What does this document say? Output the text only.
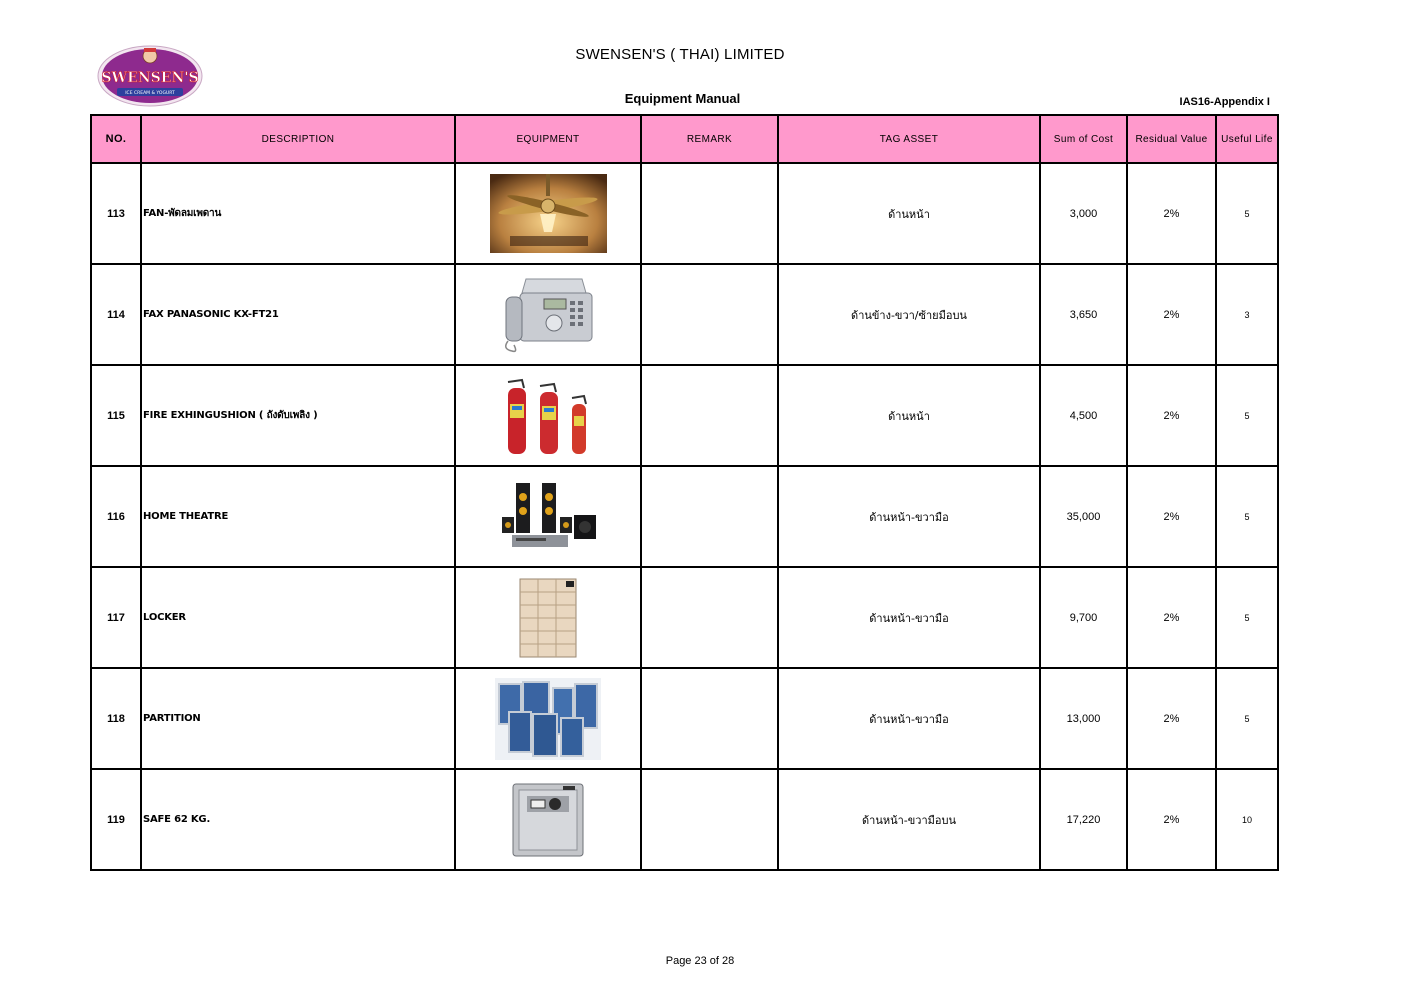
SWENSEN'S
ICE CREAM & YOGURT
SWENSEN'S ( THAI) LIMITED
Equipment Manual	IAS16-Appendix I
NO.	DESCRIPTION	EQUIPMENT	REMARK	TAG ASSET	Sum of Cost	Residual Value	Useful Life
113	FAN-พัดลมเพดาน			ด้านหน้า	3,000	2%	5
114	FAX PANASONIC KX-FT21			ด้านข้าง-ขวา/ซ้ายมือบน	3,650	2%	3
115	FIRE EXHINGUSHION ( ถังดับเพลิง )			ด้านหน้า	4,500	2%	5
116	HOME THEATRE			ด้านหน้า-ขวามือ	35,000	2%	5
117	LOCKER			ด้านหน้า-ขวามือ	9,700	2%	5
118	PARTITION			ด้านหน้า-ขวามือ	13,000	2%	5
119	SAFE 62 KG.			ด้านหน้า-ขวามือบน	17,220	2%	10
Page 23 of 28
